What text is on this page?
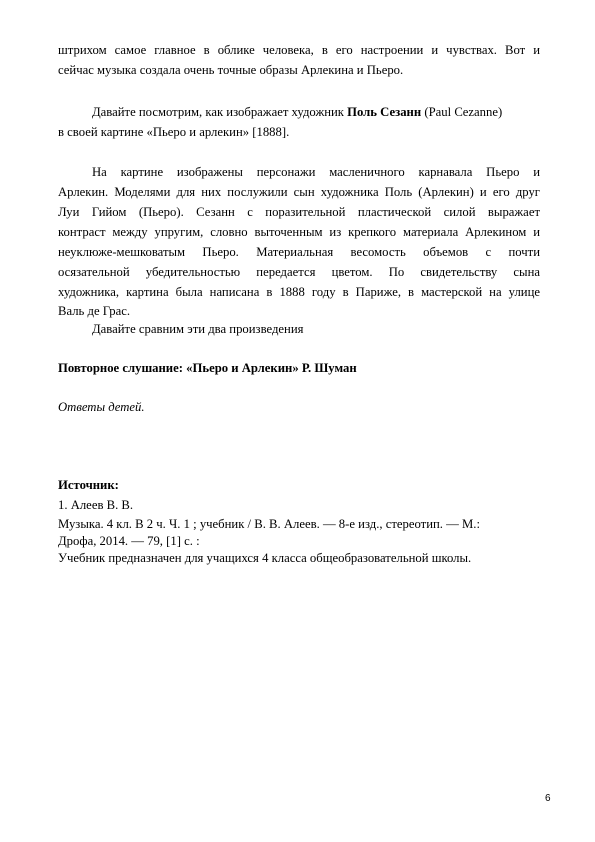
штрихом самое главное в облике человека, в его настроении и чувствах. Вот и
сейчас музыка создала очень точные образы Арлекина и Пьеро.
Давайте посмотрим, как изображает художник Поль Сезанн (Paul Cezanne)
в своей картине «Пьеро и арлекин» [1888].
На картине изображены персонажи масленичного карнавала Пьеро и
Арлекин. Моделями для них послужили сын художника Поль (Арлекин) и его друг
Луи Гийом (Пьеро). Сезанн с поразительной пластической силой выражает
контраст между упругим, словно выточенным из крепкого материала Арлекином и
неуклюже-мешковатым Пьеро. Материальная весомость объемов с почти
осязательной убедительностью передается цветом. По свидетельству сына
художника, картина была написана в 1888 году в Париже, в мастерской на улице
Валь де Грас.
Давайте сравним эти два произведения
Повторное слушание: «Пьеро и Арлекин» Р. Шуман
Ответы детей.
Источник:
1. Алеев В. В.
Музыка. 4 кл. В 2 ч. Ч. 1 ; учебник / В. В. Алеев. — 8-е изд., стереотип. — М.:
Дрофа, 2014. — 79, [1] с. :
Учебник предназначен для учащихся 4 класса общеобразовательной школы.
6
